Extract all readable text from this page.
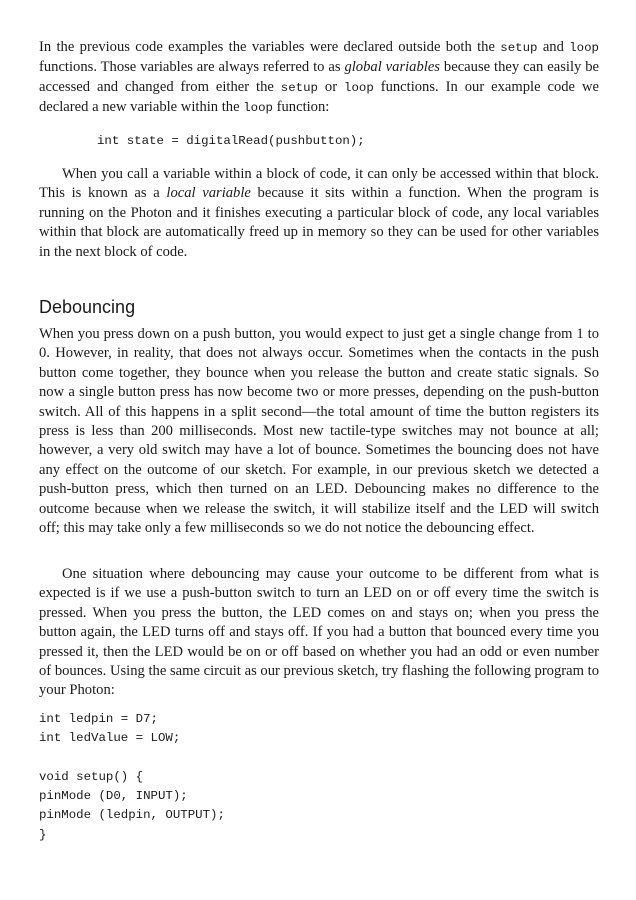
In the previous code examples the variables were declared outside both the setup and loop functions. Those variables are always referred to as global variables because they can easily be accessed and changed from either the setup or loop functions. In our example code we declared a new variable within the loop function:

int state = digitalRead(pushbutton);

When you call a variable within a block of code, it can only be accessed within that block. This is known as a local variable because it sits within a function. When the program is running on the Photon and it finishes executing a particular block of code, any local variables within that block are automatically freed up in memory so they can be used for other variables in the next block of code.

Debouncing

When you press down on a push button, you would expect to just get a single change from 1 to 0. However, in reality, that does not always occur. Sometimes when the contacts in the push button come together, they bounce when you release the button and create static signals. So now a single button press has now become two or more presses, depending on the push-button switch. All of this happens in a split second—the total amount of time the button registers its press is less than 200 milliseconds. Most new tactile-type switches may not bounce at all; however, a very old switch may have a lot of bounce. Sometimes the bouncing does not have any effect on the outcome of our sketch. For example, in our previous sketch we detected a push-button press, which then turned on an LED. Debouncing makes no difference to the outcome because when we release the switch, it will stabilize itself and the LED will switch off; this may take only a few milliseconds so we do not notice the debouncing effect.

One situation where debouncing may cause your outcome to be different from what is expected is if we use a push-button switch to turn an LED on or off every time the switch is pressed. When you press the button, the LED comes on and stays on; when you press the button again, the LED turns off and stays off. If you had a button that bounced every time you pressed it, then the LED would be on or off based on whether you had an odd or even number of bounces. Using the same circuit as our previous sketch, try flashing the following program to your Photon:

int ledpin = D7;
int ledValue = LOW;
void setup() {
pinMode (D0, INPUT);
pinMode (ledpin, OUTPUT);
}
